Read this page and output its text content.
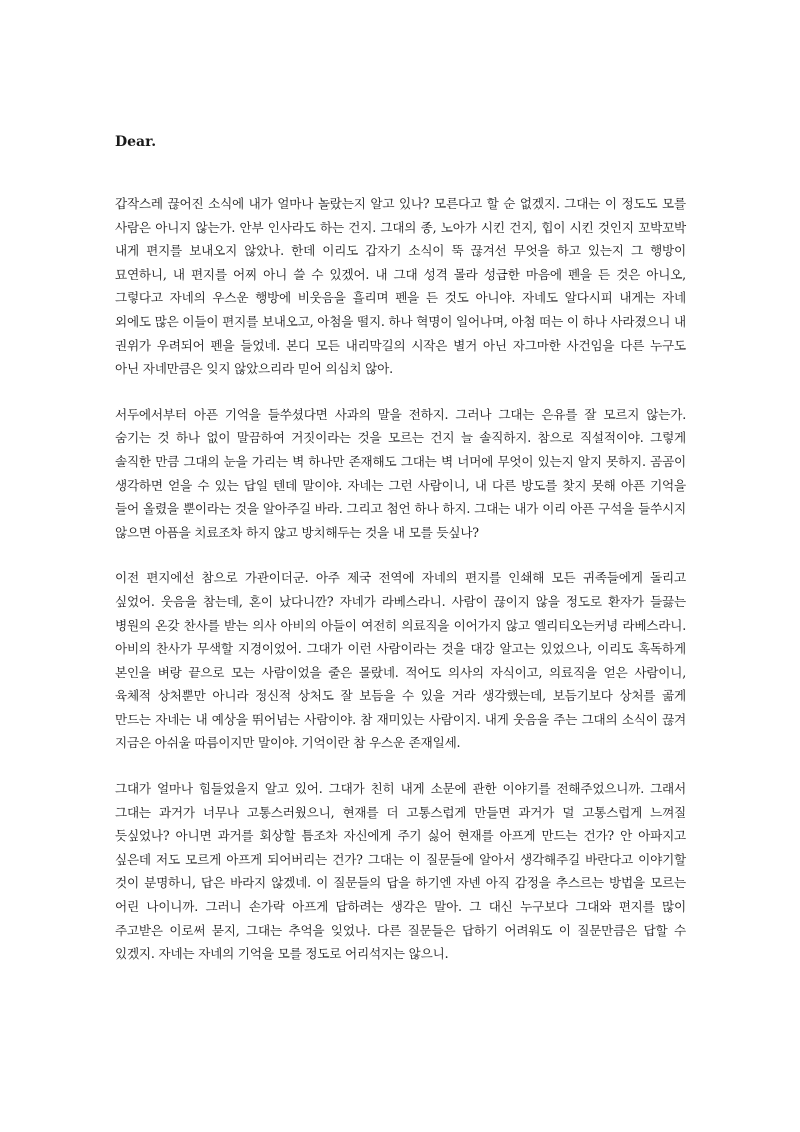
Dear.

갑작스레 끊어진 소식에 내가 얼마나 놀랐는지 알고 있나? 모른다고 할 순 없겠지. 그대는 이 정도도 모를 사람은 아니지 않는가. 안부 인사라도 하는 건지. 그대의 종, 노아가 시킨 건지, 힙이 시킨 것인지 꼬박꼬박 내게 편지를 보내오지 않았나. 한데 이리도 갑자기 소식이 뚝 끊겨선 무엇을 하고 있는지 그 행방이 묘연하니, 내 편지를 어찌 아니 쓸 수 있겠어. 내 그대 성격 몰라 성급한 마음에 펜을 든 것은 아니오, 그렇다고 자네의 우스운 행방에 비웃음을 흘리며 펜을 든 것도 아니야. 자네도 알다시피 내게는 자네 외에도 많은 이들이 편지를 보내오고, 아첨을 떨지. 하나 혁명이 일어나며, 아첨 떠는 이 하나 사라졌으니 내 권위가 우려되어 펜을 들었네. 본디 모든 내리막길의 시작은 별거 아닌 자그마한 사건임을 다른 누구도 아닌 자네만큼은 잊지 않았으리라 믿어 의심치 않아.

서두에서부터 아픈 기억을 들쑤셨다면 사과의 말을 전하지. 그러나 그대는 은유를 잘 모르지 않는가. 숨기는 것 하나 없이 말끔하여 거짓이라는 것을 모르는 건지 늘 솔직하지. 참으로 직설적이야. 그렇게 솔직한 만큼 그대의 눈을 가리는 벽 하나만 존재해도 그대는 벽 너머에 무엇이 있는지 알지 못하지. 곰곰이 생각하면 얻을 수 있는 답일 텐데 말이야. 자네는 그런 사람이니, 내 다른 방도를 찾지 못해 아픈 기억을 들어 올렸을 뿐이라는 것을 알아주길 바라. 그리고 첨언 하나 하지. 그대는 내가 이리 아픈 구석을 들쑤시지 않으면 아픔을 치료조차 하지 않고 방치해두는 것을 내 모를 듯싶나?

이전 편지에선 참으로 가관이더군. 아주 제국 전역에 자네의 편지를 인쇄해 모든 귀족들에게 돌리고 싶었어. 웃음을 참는데, 혼이 났다니깐? 자네가 라베스라니. 사람이 끊이지 않을 정도로 환자가 들끓는 병원의 온갖 찬사를 받는 의사 아비의 아들이 여전히 의료직을 이어가지 않고 엘리티오는커녕 라베스라니. 아비의 찬사가 무색할 지경이었어. 그대가 이런 사람이라는 것을 대강 알고는 있었으나, 이리도 혹독하게 본인을 벼랑 끝으로 모는 사람이었을 줄은 몰랐네. 적어도 의사의 자식이고, 의료직을 얻은 사람이니, 육체적 상처뿐만 아니라 정신적 상처도 잘 보듬을 수 있을 거라 생각했는데, 보듬기보다 상처를 곪게 만드는 자네는 내 예상을 뛰어넘는 사람이야. 참 재미있는 사람이지. 내게 웃음을 주는 그대의 소식이 끊겨 지금은 아쉬울 따름이지만 말이야. 기억이란 참 우스운 존재일세.

그대가 얼마나 힘들었을지 알고 있어. 그대가 친히 내게 소문에 관한 이야기를 전해주었으니까. 그래서 그대는 과거가 너무나 고통스러웠으니, 현재를 더 고통스럽게 만들면 과거가 덜 고통스럽게 느껴질 듯싶었나? 아니면 과거를 회상할 틈조차 자신에게 주기 싫어 현재를 아프게 만드는 건가? 안 아파지고 싶은데 저도 모르게 아프게 되어버리는 건가? 그대는 이 질문들에 알아서 생각해주길 바란다고 이야기할 것이 분명하니, 답은 바라지 않겠네. 이 질문들의 답을 하기엔 자넨 아직 감정을 추스르는 방법을 모르는 어린 나이니까. 그러니 손가락 아프게 답하려는 생각은 말아. 그 대신 누구보다 그대와 편지를 많이 주고받은 이로써 묻지, 그대는 추억을 잊었나. 다른 질문들은 답하기 어려워도 이 질문만큼은 답할 수 있겠지. 자네는 자네의 기억을 모를 정도로 어리석지는 않으니.
